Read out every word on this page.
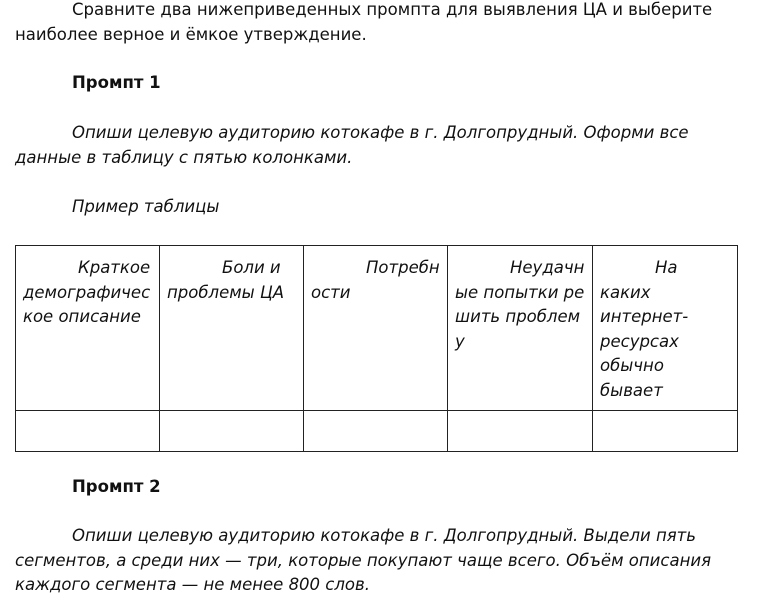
Сравните два нижеприведенных промпта для выявления ЦА и выберите наиболее верное и ёмкое утверждение.

Промпт 1

Опиши целевую аудиторию котокафе в г. Долгопрудный. Оформи все данные в таблицу с пятью колонками.

Пример таблицы

Краткое демографическое описание	Боли и проблемы ЦА	Потребности	Неудачные попытки решить проблему	На каких интернет-ресурсах обычно бывает

Промпт 2

Опиши целевую аудиторию котокафе в г. Долгопрудный. Выдели пять сегментов, а среди них — три, которые покупают чаще всего. Объём описания каждого сегмента — не менее 800 слов.
